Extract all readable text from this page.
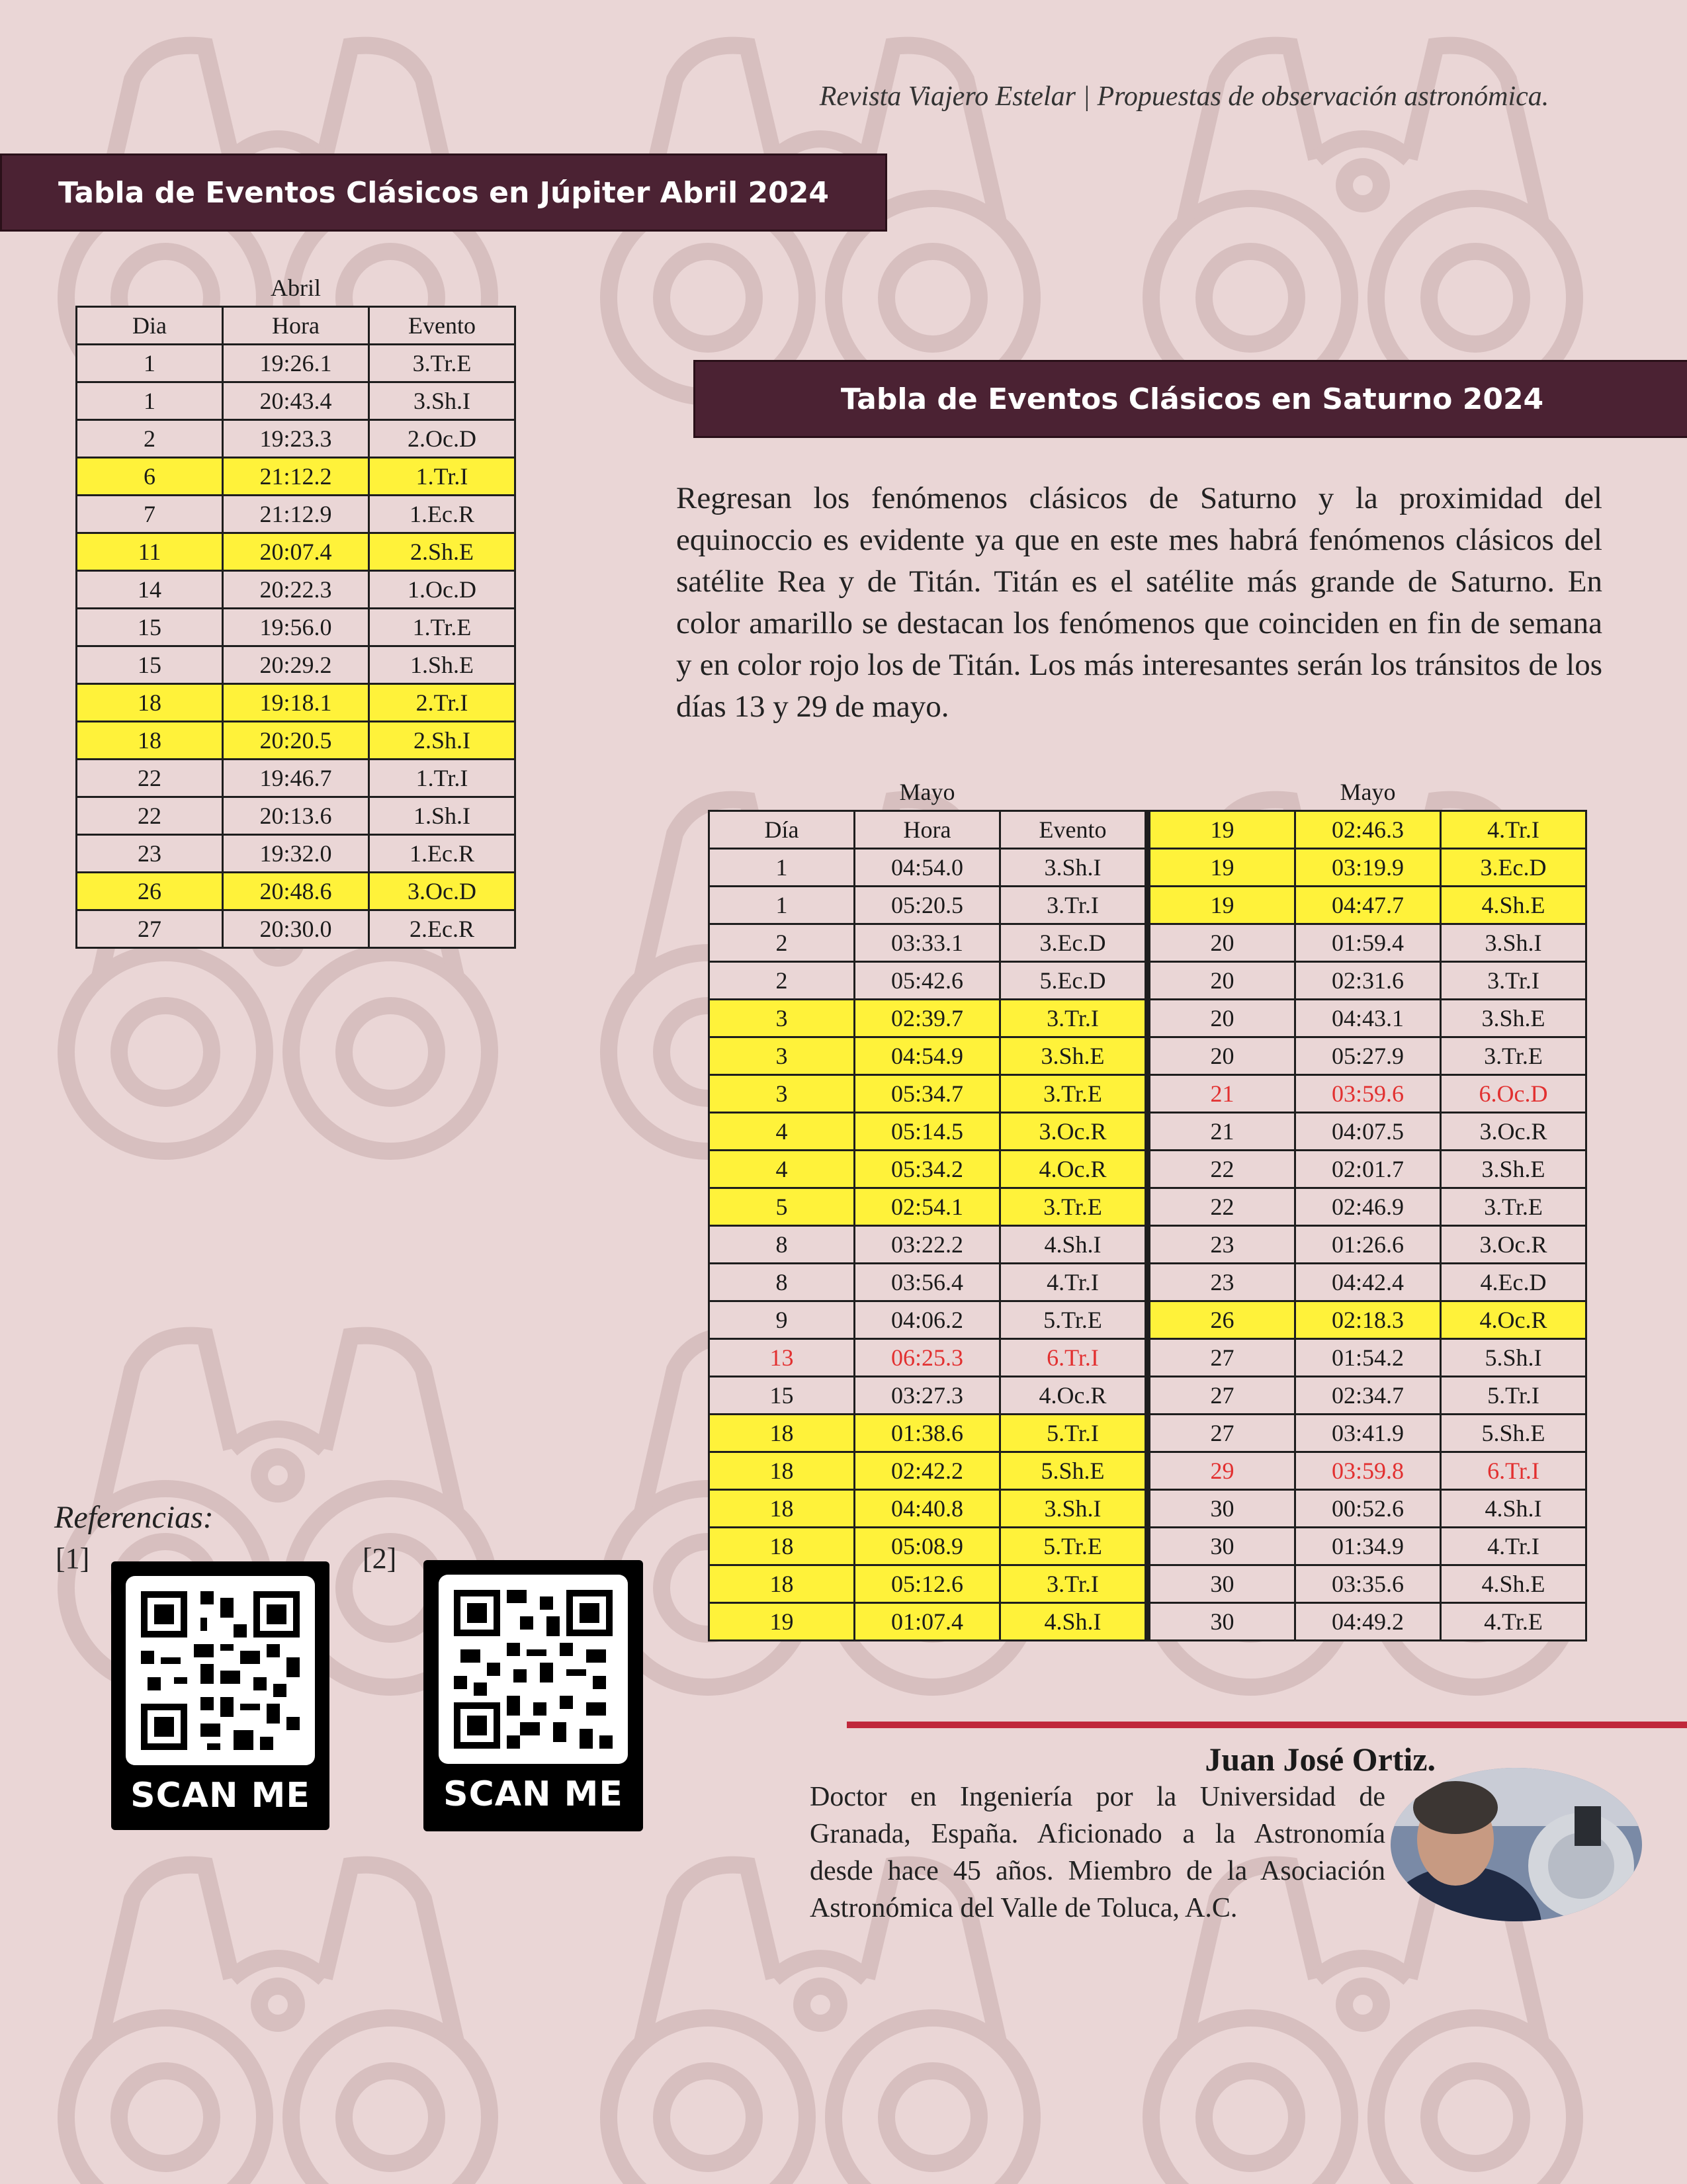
Revista Viajero Estelar | Propuestas de observación astronómica.
Tabla de Eventos Clásicos en Júpiter Abril 2024
	Abril	
Dia	Hora	Evento
1	19:26.1	3.Tr.E
1	20:43.4	3.Sh.I
2	19:23.3	2.Oc.D
6	21:12.2	1.Tr.I
7	21:12.9	1.Ec.R
11	20:07.4	2.Sh.E
14	20:22.3	1.Oc.D
15	19:56.0	1.Tr.E
15	20:29.2	1.Sh.E
18	19:18.1	2.Tr.I
18	20:20.5	2.Sh.I
22	19:46.7	1.Tr.I
22	20:13.6	1.Sh.I
23	19:32.0	1.Ec.R
26	20:48.6	3.Oc.D
27	20:30.0	2.Ec.R
Tabla de Eventos Clásicos en Saturno 2024

Regresan los fenómenos clásicos de Saturno y la proximidad del equinoccio es evidente ya que en este mes habrá fenómenos clásicos del satélite Rea y de Titán. Titán es el satélite más grande de Saturno. En color amarillo se destacan los fenómenos que coinciden en fin de semana y en color rojo los de Titán. Los más interesantes serán los tránsitos de los días 13 y 29 de mayo.

	Mayo				Mayo	
Día	Hora	Evento		19	02:46.3	4.Tr.I
1	04:54.0	3.Sh.I		19	03:19.9	3.Ec.D
1	05:20.5	3.Tr.I		19	04:47.7	4.Sh.E
2	03:33.1	3.Ec.D		20	01:59.4	3.Sh.I
2	05:42.6	5.Ec.D		20	02:31.6	3.Tr.I
3	02:39.7	3.Tr.I		20	04:43.1	3.Sh.E
3	04:54.9	3.Sh.E		20	05:27.9	3.Tr.E
3	05:34.7	3.Tr.E		21	03:59.6	6.Oc.D
4	05:14.5	3.Oc.R		21	04:07.5	3.Oc.R
4	05:34.2	4.Oc.R		22	02:01.7	3.Sh.E
5	02:54.1	3.Tr.E		22	02:46.9	3.Tr.E
8	03:22.2	4.Sh.I		23	01:26.6	3.Oc.R
8	03:56.4	4.Tr.I		23	04:42.4	4.Ec.D
9	04:06.2	5.Tr.E		26	02:18.3	4.Oc.R
13	06:25.3	6.Tr.I		27	01:54.2	5.Sh.I
15	03:27.3	4.Oc.R		27	02:34.7	5.Tr.I
18	01:38.6	5.Tr.I		27	03:41.9	5.Sh.E
18	02:42.2	5.Sh.E		29	03:59.8	6.Tr.I
18	04:40.8	3.Sh.I		30	00:52.6	4.Sh.I
18	05:08.9	5.Tr.E		30	01:34.9	4.Tr.I
18	05:12.6	3.Tr.I		30	03:35.6	4.Sh.E
19	01:07.4	4.Sh.I		30	04:49.2	4.Tr.E
Referencias:
[1]
SCAN ME
[2]
SCAN ME
Juan José Ortiz.
Doctor en Ingeniería por la Universidad de Granada, España. Aficionado a la Astronomía desde hace 45 años. Miembro de la Asociación Astronómica del Valle de Toluca, A.C.
